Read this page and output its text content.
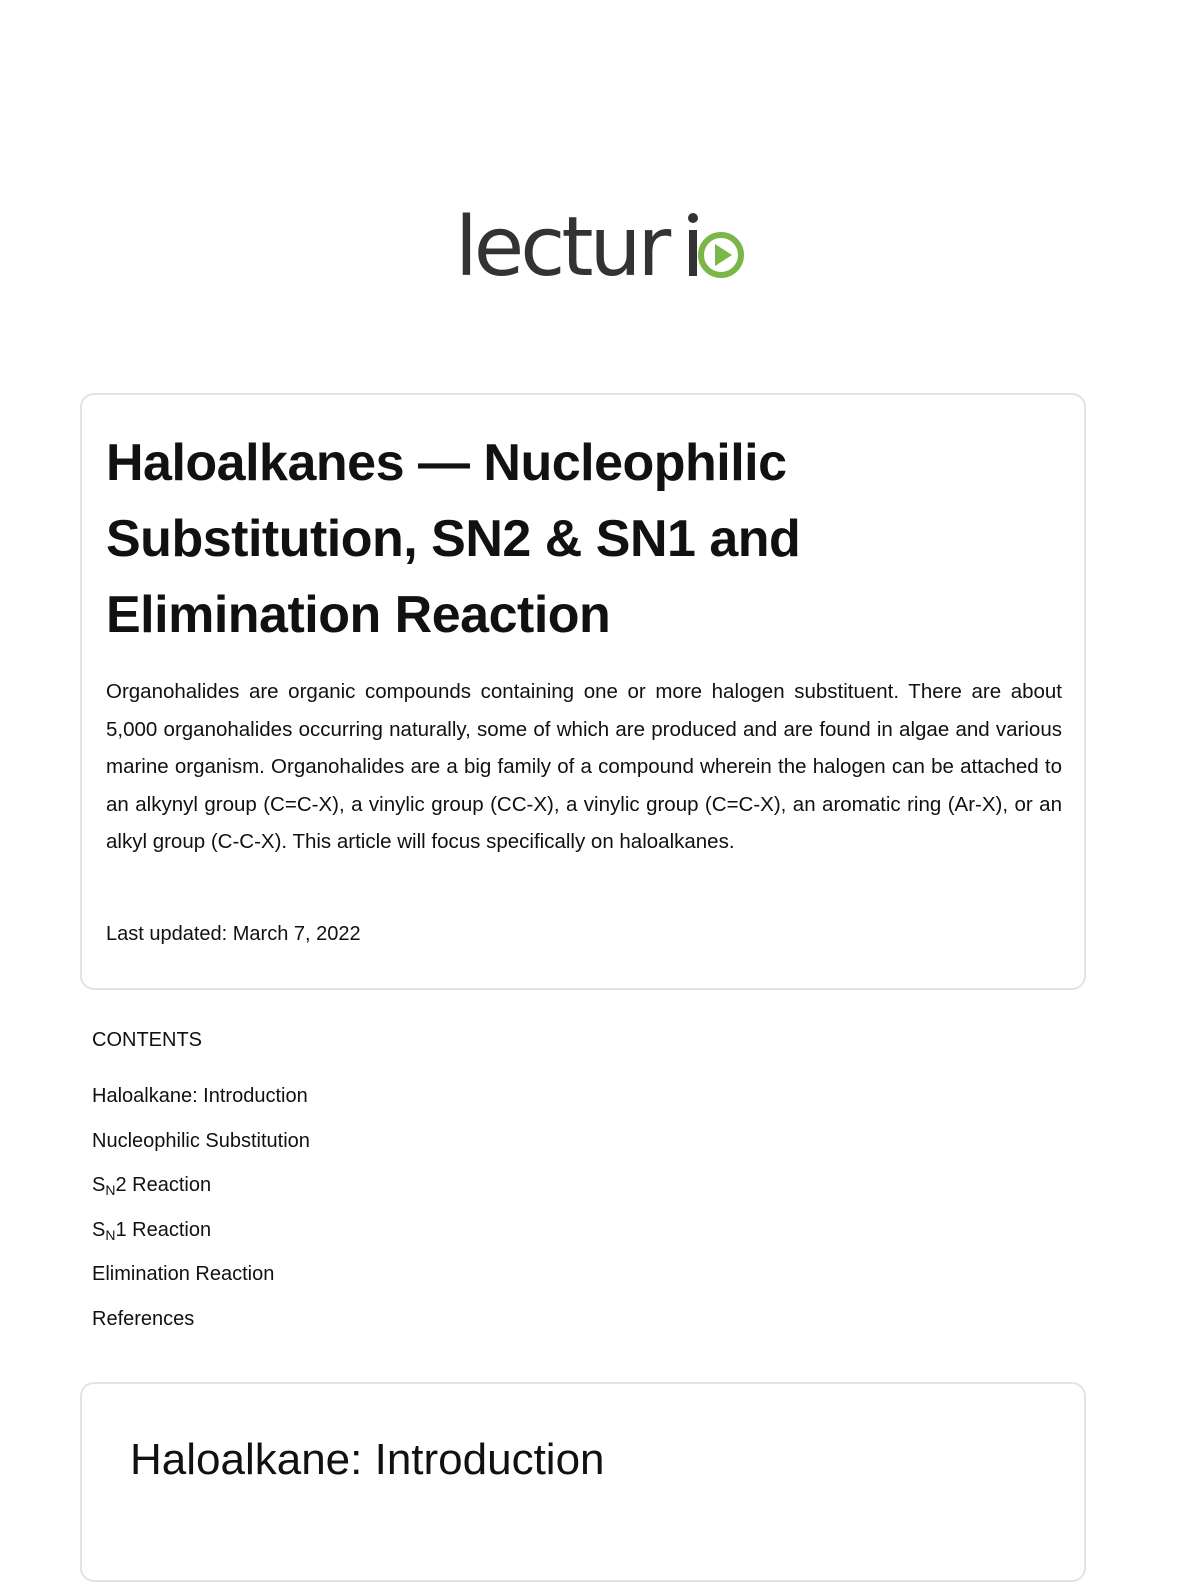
lectur
Haloalkanes — Nucleophilic Substitution, SN2 & SN1 and Elimination Reaction

Organohalides are organic compounds containing one or more halogen substituent. There are about 5,000 organohalides occurring naturally, some of which are produced and are found in algae and various marine organism. Organohalides are a big family of a compound wherein the halogen can be attached to an alkynyl group (C=C-X), a vinylic group (CC-X), a vinylic group (C=C-X), an aromatic ring (Ar-X), or an alkyl group (C-C-X). This article will focus specifically on haloalkanes.

Last updated: March 7, 2022

CONTENTS
Haloalkane: Introduction
Nucleophilic Substitution
$S_N2$ Reaction
$S_N1$ Reaction
Elimination Reaction
References
Haloalkane: Introduction
